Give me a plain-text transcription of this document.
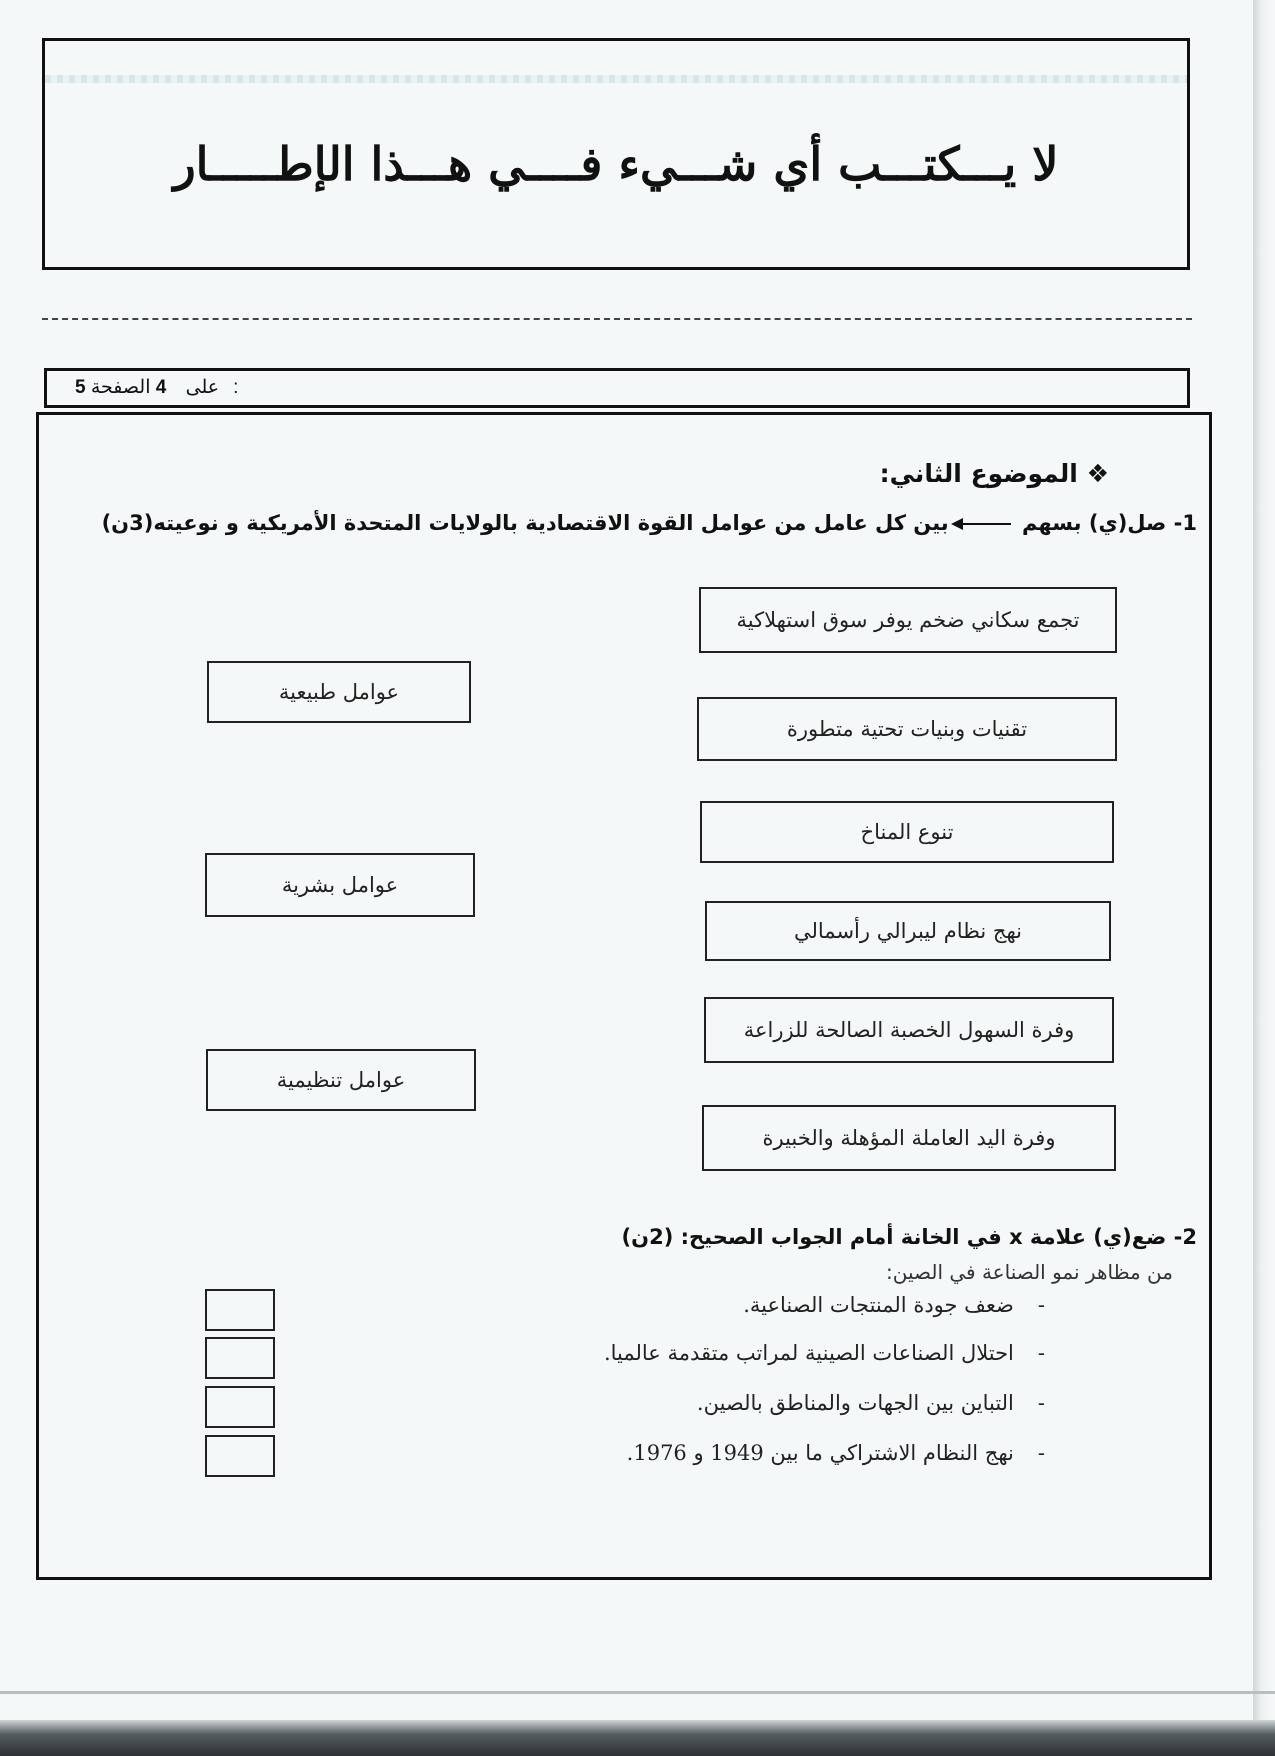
لا يـــكتـــب أي شـــيء فــــي هـــذا الإطـــــار
5	على 4 الصفحة:
❖ الموضوع الثاني:
1- صل(ي) بسهم بين كل عامل من عوامل القوة الاقتصادية بالولايات المتحدة الأمريكية و نوعيته(3ن)
تجمع سكاني ضخم يوفر سوق استهلاكية
تقنيات وبنيات تحتية متطورة
تنوع المناخ
نهج نظام ليبرالي رأسمالي
وفرة السهول الخصبة الصالحة للزراعة
وفرة اليد العاملة المؤهلة والخبيرة
عوامل طبيعية
عوامل بشرية
عوامل تنظيمية
2- ضع(ي) علامة x في الخانة أمام الجواب الصحيح: (2ن)
من مظاهر نمو الصناعة في الصين:
-ضعف جودة المنتجات الصناعية.
-احتلال الصناعات الصينية لمراتب متقدمة عالميا.
-التباين بين الجهات والمناطق بالصين.
-نهج النظام الاشتراكي ما بين 1949 و 1976.
